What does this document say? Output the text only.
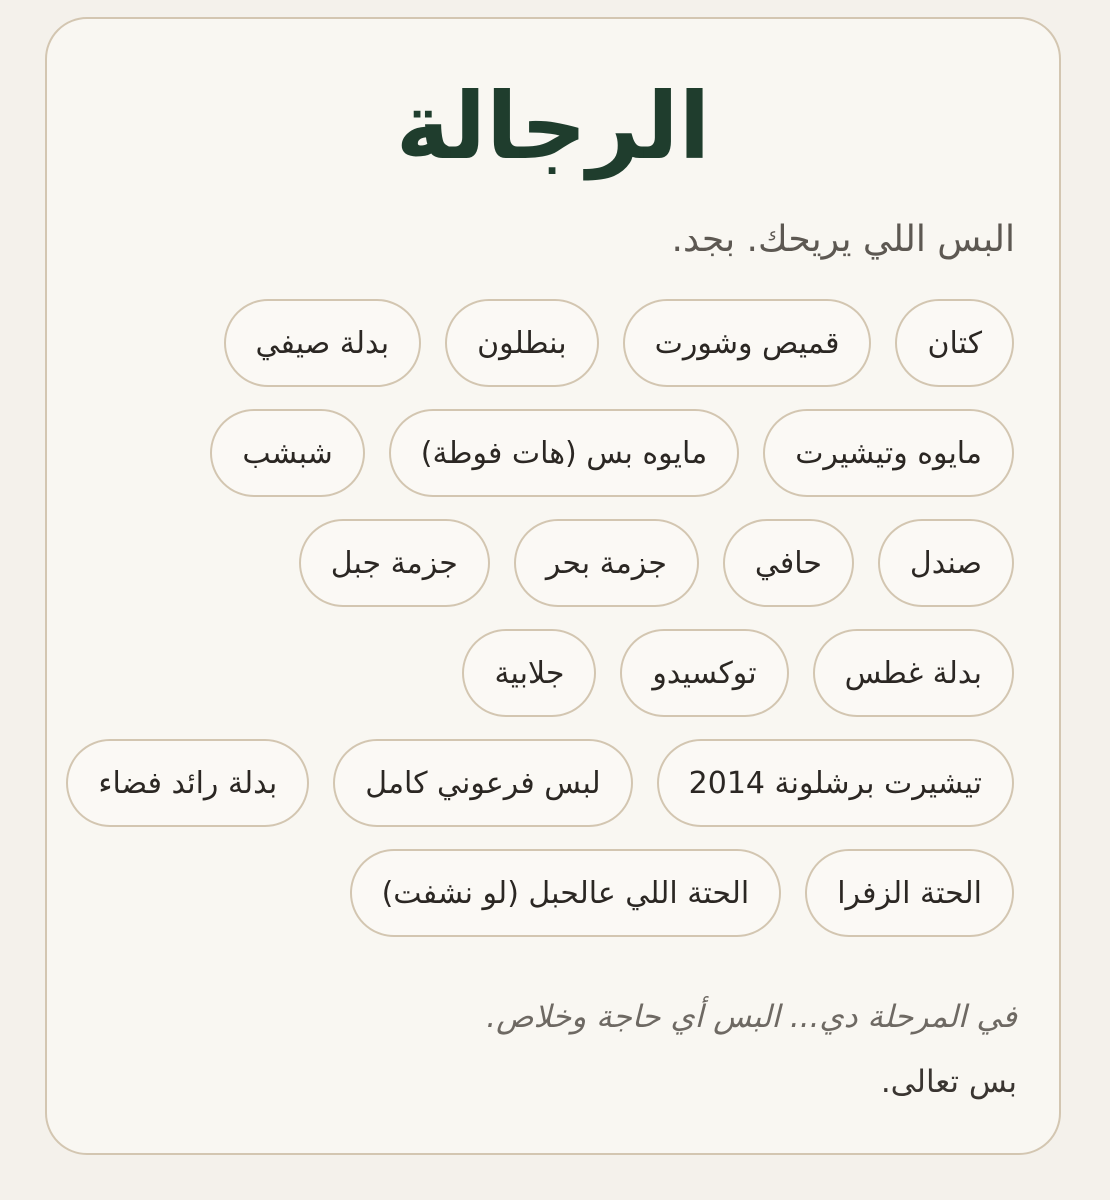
الرجالة
البس اللي يريحك. بجد.
كتان
قميص وشورت
بنطلون
بدلة صيفي
مايوه وتيشيرت
مايوه بس (هات فوطة)
شبشب
صندل
حافي
جزمة بحر
جزمة جبل
بدلة غطس
توكسيدو
جلابية
تيشيرت برشلونة 2014
لبس فرعوني كامل
بدلة رائد فضاء
الحتة الزفرا
الحتة اللي عالحبل (لو نشفت)
في المرحلة دي... البس أي حاجة وخلاص.
بس تعالى.
